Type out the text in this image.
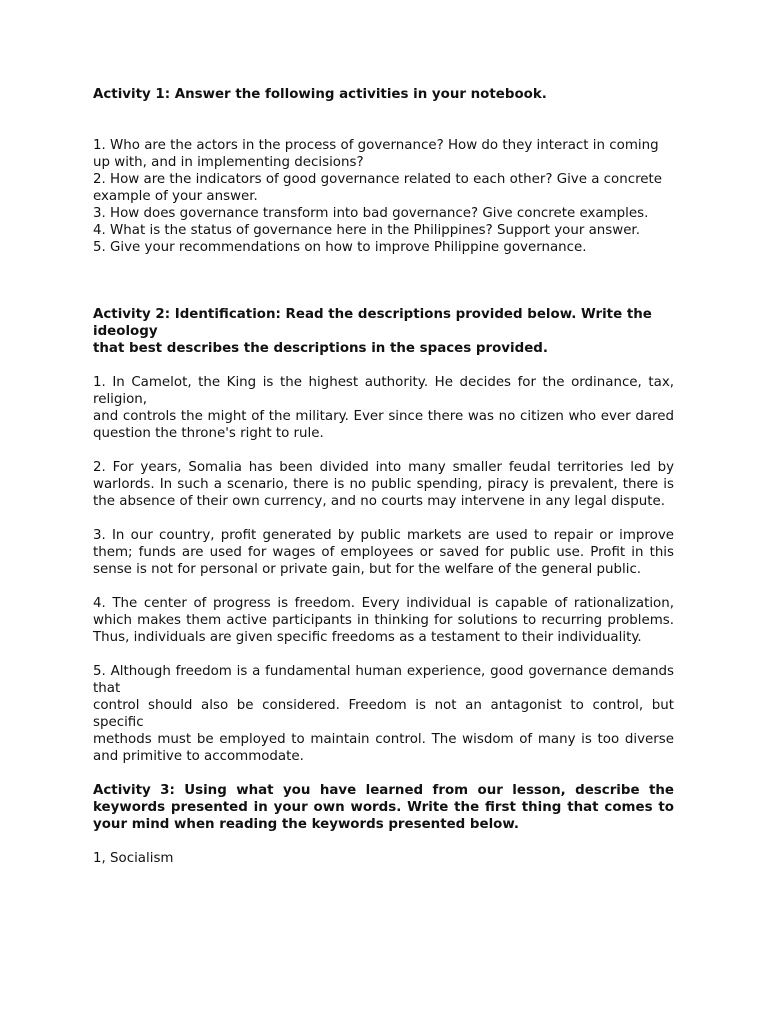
Activity 1: Answer the following activities in your notebook.

1. Who are the actors in the process of governance? How do they interact in coming up with, and in implementing decisions?

2. How are the indicators of good governance related to each other? Give a concrete example of your answer.

3. How does governance transform into bad governance? Give concrete examples.

4. What is the status of governance here in the Philippines? Support your answer.

5. Give your recommendations on how to improve Philippine governance.

Activity 2: Identification: Read the descriptions provided below. Write the ideology
that best describes the descriptions in the spaces provided.

1. In Camelot, the King is the highest authority. He decides for the ordinance, tax, religion,
and controls the might of the military. Ever since there was no citizen who ever dared question the throne's right to rule.

2. For years, Somalia has been divided into many smaller feudal territories led by warlords. In such a scenario, there is no public spending, piracy is prevalent, there is the absence of their own currency, and no courts may intervene in any legal dispute.

3. In our country, profit generated by public markets are used to repair or improve them; funds are used for wages of employees or saved for public use. Profit in this sense is not for personal or private gain, but for the welfare of the general public.

4. The center of progress is freedom. Every individual is capable of rationalization, which makes them active participants in thinking for solutions to recurring problems. Thus, individuals are given specific freedoms as a testament to their individuality.

5. Although freedom is a fundamental human experience, good governance demands that
control should also be considered. Freedom is not an antagonist to control, but specific
methods must be employed to maintain control. The wisdom of many is too diverse and primitive to accommodate.

Activity 3: Using what you have learned from our lesson, describe the keywords presented in your own words. Write the first thing that comes to your mind when reading the keywords presented below.

1, Socialism
